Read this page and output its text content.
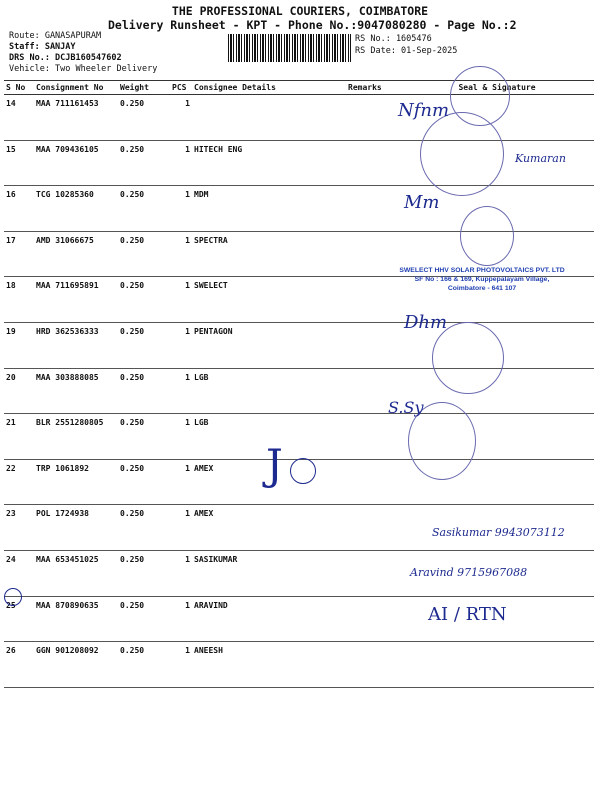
THE PROFESSIONAL COURIERS, COIMBATORE
Delivery Runsheet - KPT - Phone No.:9047080280 - Page No.:2
Route: GANASAPURAM
Staff: SANJAY
DRS No.: DCJB160547602
Vehicle: Two Wheeler Delivery
RS No.: 1605476
RS Date: 01-Sep-2025
S No	Consignment No	Weight	PCS	Consignee Details	Remarks	Seal & Signature
14	MAA 711161453	0.250	1			
15	MAA 709436105	0.250	1	HITECH ENG		
16	TCG 10285360	0.250	1	MDM		
17	AMD 31066675	0.250	1	SPECTRA		
18	MAA 711695891	0.250	1	SWELECT		
19	HRD 362536333	0.250	1	PENTAGON		
20	MAA 303888085	0.250	1	LGB		
21	BLR 2551280805	0.250	1	LGB		
22	TRP 1061892	0.250	1	AMEX		
23	POL 1724938	0.250	1	AMEX		
24	MAA 653451025	0.250	1	SASIKUMAR		
25	MAA 870890635	0.250	1	ARAVIND		
26	GGN 901208092	0.250	1	ANEESH		
Nfnm
Kumaran
Mm
Dhm
S.Sy
J
Sasikumar 9943073112
Aravind 9715967088
AI / RTN
SWELECT HHV SOLAR PHOTOVOLTAICS PVT. LTD
SF No : 166 & 169, Kuppepalayam Village,
Coimbatore - 641 107
